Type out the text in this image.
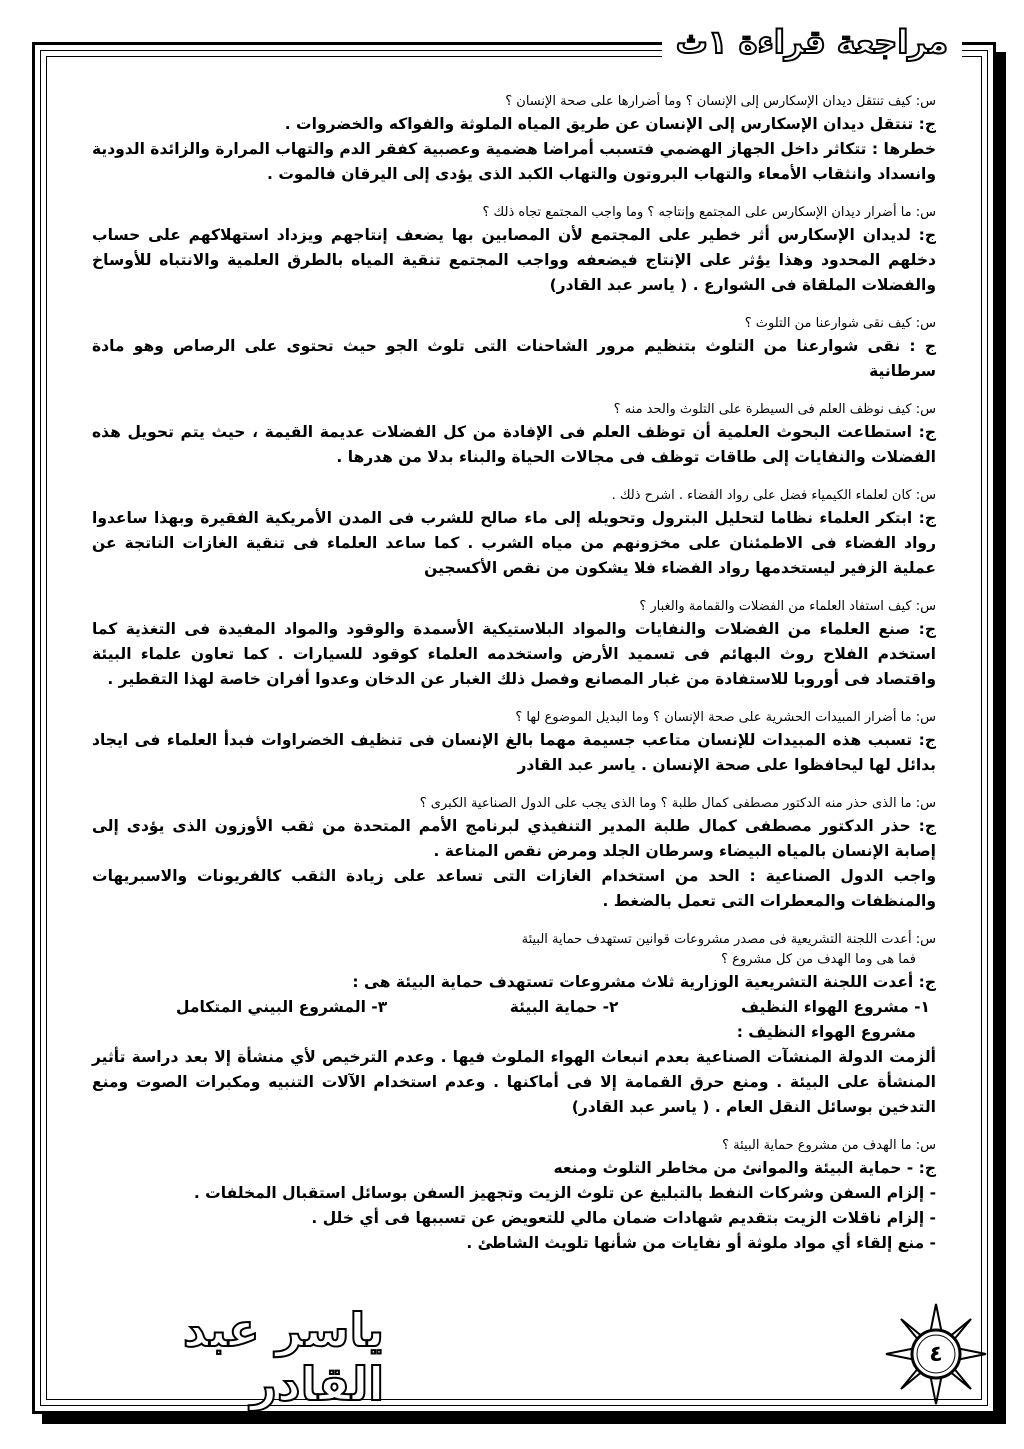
مراجعة قراءة ١ث

س: كيف تنتقل ديدان الإسكارس إلى الإنسان ؟ وما أضرارها على صحة الإنسان ؟

ج: تنتقل ديدان الإسكارس إلى الإنسان عن طريق المياه الملوثة والفواكه والخضروات .

خطرها : تتكاثر داخل الجهاز الهضمي فتسبب أمراضا هضمية وعصبية كفقر الدم والتهاب المرارة والزائدة الدودية وانسداد وانثقاب الأمعاء والتهاب البروتون والتهاب الكبد الذى يؤدى إلى اليرقان فالموت .

س: ما أضرار ديدان الإسكارس على المجتمع وإنتاجه ؟ وما واجب المجتمع تجاه ذلك ؟

ج: لديدان الإسكارس أثر خطير على المجتمع لأن المصابين بها يضعف إنتاجهم ويزداد استهلاكهم على حساب دخلهم المحدود وهذا يؤثر على الإنتاج فيضعفه وواجب المجتمع تنقية المياه بالطرق العلمية والانتباه للأوساخ والفضلات الملقاة فى الشوارع . ( ياسر عبد القادر)

س: كيف نقى شوارعنا من التلوث ؟

ج : نقى شوارعنا من التلوث بتنظيم مرور الشاحنات التى تلوث الجو حيث تحتوى على الرصاص وهو مادة سرطانية

س: كيف نوظف العلم فى السيطرة على التلوث والحد منه ؟

ج: استطاعت البحوث العلمية أن توظف العلم فى الإفادة من كل الفضلات عديمة القيمة ، حيث يتم تحويل هذه الفضلات والنفايات إلى طاقات توظف فى مجالات الحياة والبناء بدلا من هدرها .

س: كان لعلماء الكيمياء فضل على رواد الفضاء . اشرح ذلك .

ج: ابتكر العلماء نظاما لتحليل البترول وتحويله إلى ماء صالح للشرب فى المدن الأمريكية الفقيرة وبهذا ساعدوا رواد الفضاء فى الاطمئنان على مخزونهم من مياه الشرب . كما ساعد العلماء فى تنقية الغازات الناتجة عن عملية الزفير ليستخدمها رواد الفضاء فلا يشكون من نقص الأكسجين

س: كيف استفاد العلماء من الفضلات والقمامة والغبار ؟

ج: صنع العلماء من الفضلات والنفايات والمواد البلاستيكية الأسمدة والوقود والمواد المفيدة فى التغذية كما استخدم الفلاح روث البهائم فى تسميد الأرض واستخدمه العلماء كوقود للسيارات . كما تعاون علماء البيئة واقتصاد فى أوروبا للاستفادة من غبار المصانع وفصل ذلك الغبار عن الدخان وعدوا أفران خاصة لهذا التقطير .

س: ما أضرار المبيدات الحشرية على صحة الإنسان ؟ وما البديل الموضوع لها ؟

ج: تسبب هذه المبيدات للإنسان متاعب جسيمة مهما بالغ الإنسان فى تنظيف الخضراوات فبدأ العلماء فى ايجاد بدائل لها ليحافظوا على صحة الإنسان . ياسر عبد القادر

س: ما الذى حذر منه الدكتور مصطفى كمال طلبة ؟ وما الذى يجب على الدول الصناعية الكبرى ؟

ج: حذر الدكتور مصطفى كمال طلبة المدير التنفيذي لبرنامج الأمم المتحدة من ثقب الأوزون الذى يؤدى إلى إصابة الإنسان بالمياه البيضاء وسرطان الجلد ومرض نقص المناعة .

واجب الدول الصناعية : الحد من استخدام الغازات التى تساعد على زيادة الثقب كالفريونات والاسبريهات والمنظفات والمعطرات التى تعمل بالضغط .

س: أعدت اللجنة التشريعية فى مصدر مشروعات قوانين تستهدف حماية البيئة

فما هى وما الهدف من كل مشروع ؟

ج: أعدت اللجنة التشريعية الوزارية ثلاث مشروعات تستهدف حماية البيئة هى :

١- مشروع الهواء النظيف
٢- حماية البيئة
٣- المشروع البيني المتكامل

مشروع الهواء النظيف :

ألزمت الدولة المنشآت الصناعية بعدم انبعاث الهواء الملوث فيها . وعدم الترخيص لأي منشأة إلا بعد دراسة تأثير المنشأة على البيئة . ومنع حرق القمامة إلا فى أماكنها . وعدم استخدام الآلات التنبيه ومكبرات الصوت ومنع التدخين بوسائل النقل العام . ( ياسر عبد القادر)

س: ما الهدف من مشروع حماية البيئة ؟

ج: - حماية البيئة والموانئ من مخاطر التلوث ومنعه

- إلزام السفن وشركات النفط بالتبليغ عن تلوث الزيت وتجهيز السفن بوسائل استقبال المخلفات .

- إلزام ناقلات الزيت بتقديم شهادات ضمان مالي للتعويض عن تسببها فى أي خلل .

- منع إلقاء أي مواد ملوثة أو نفايات من شأنها تلويث الشاطئ .

٤
ياسر عبد القادر
